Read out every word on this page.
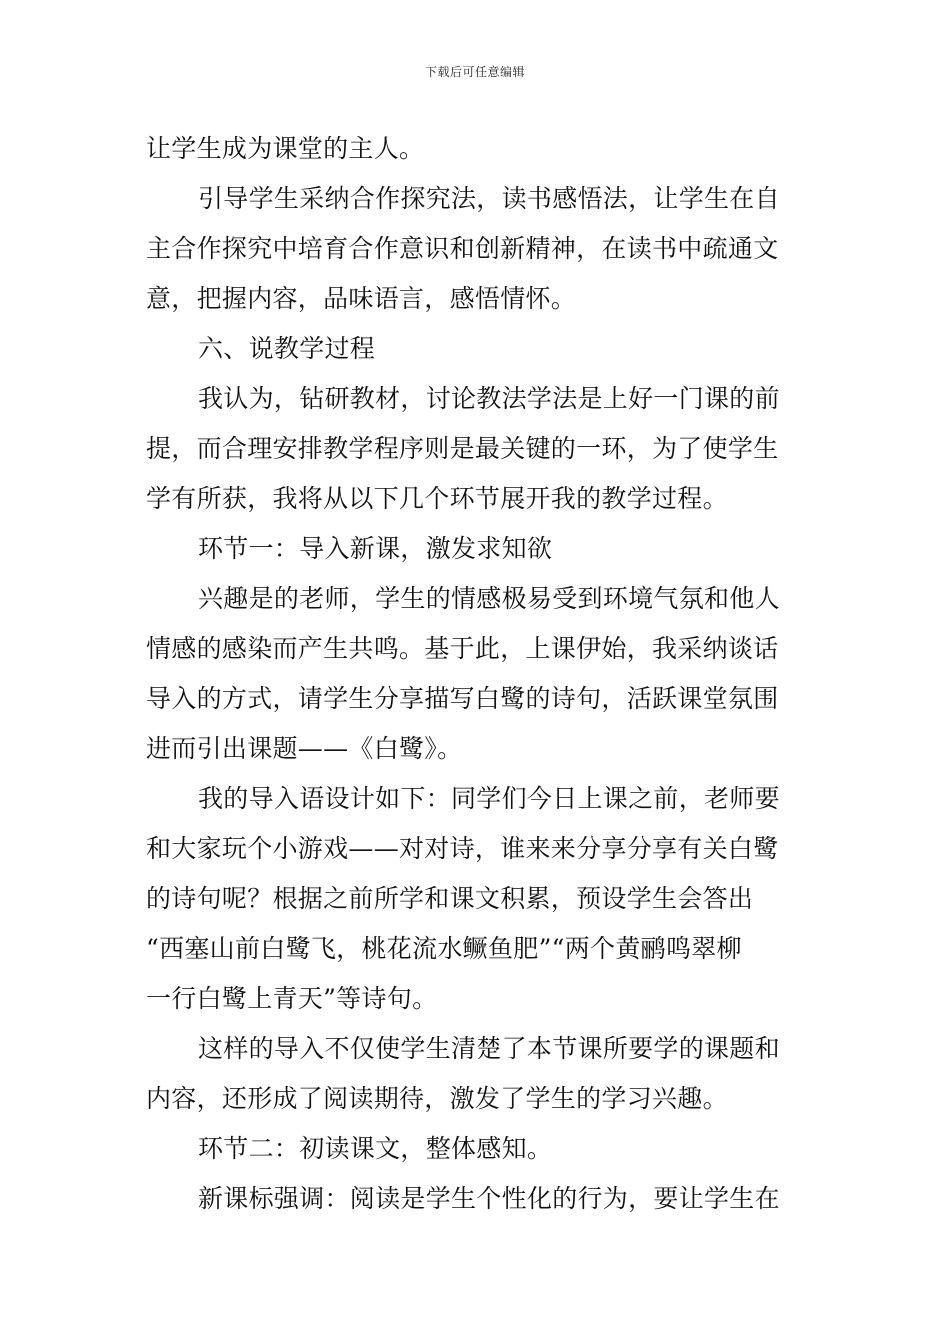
下载后可任意编辑
让学生成为课堂的主人。
引导学生采纳合作探究法，读书感悟法，让学生在自
主合作探究中培育合作意识和创新精神，在读书中疏通文
意，把握内容，品味语言，感悟情怀。
六、说教学过程
我认为，钻研教材，讨论教法学法是上好一门课的前
提，而合理安排教学程序则是最关键的一环，为了使学生
学有所获，我将从以下几个环节展开我的教学过程。
环节一：导入新课，激发求知欲
兴趣是的老师，学生的情感极易受到环境气氛和他人
情感的感染而产生共鸣。基于此，上课伊始，我采纳谈话
导入的方式，请学生分享描写白鹭的诗句，活跃课堂氛围
进而引出课题——《白鹭》。
我的导入语设计如下：同学们今日上课之前，老师要
和大家玩个小游戏——对对诗，谁来来分享分享有关白鹭
的诗句呢？根据之前所学和课文积累，预设学生会答出
“西塞山前白鹭飞，桃花流水鳜鱼肥”“两个黄鹂鸣翠柳
一行白鹭上青天”等诗句。
这样的导入不仅使学生清楚了本节课所要学的课题和
内容，还形成了阅读期待，激发了学生的学习兴趣。
环节二：初读课文，整体感知。
新课标强调：阅读是学生个性化的行为，要让学生在
